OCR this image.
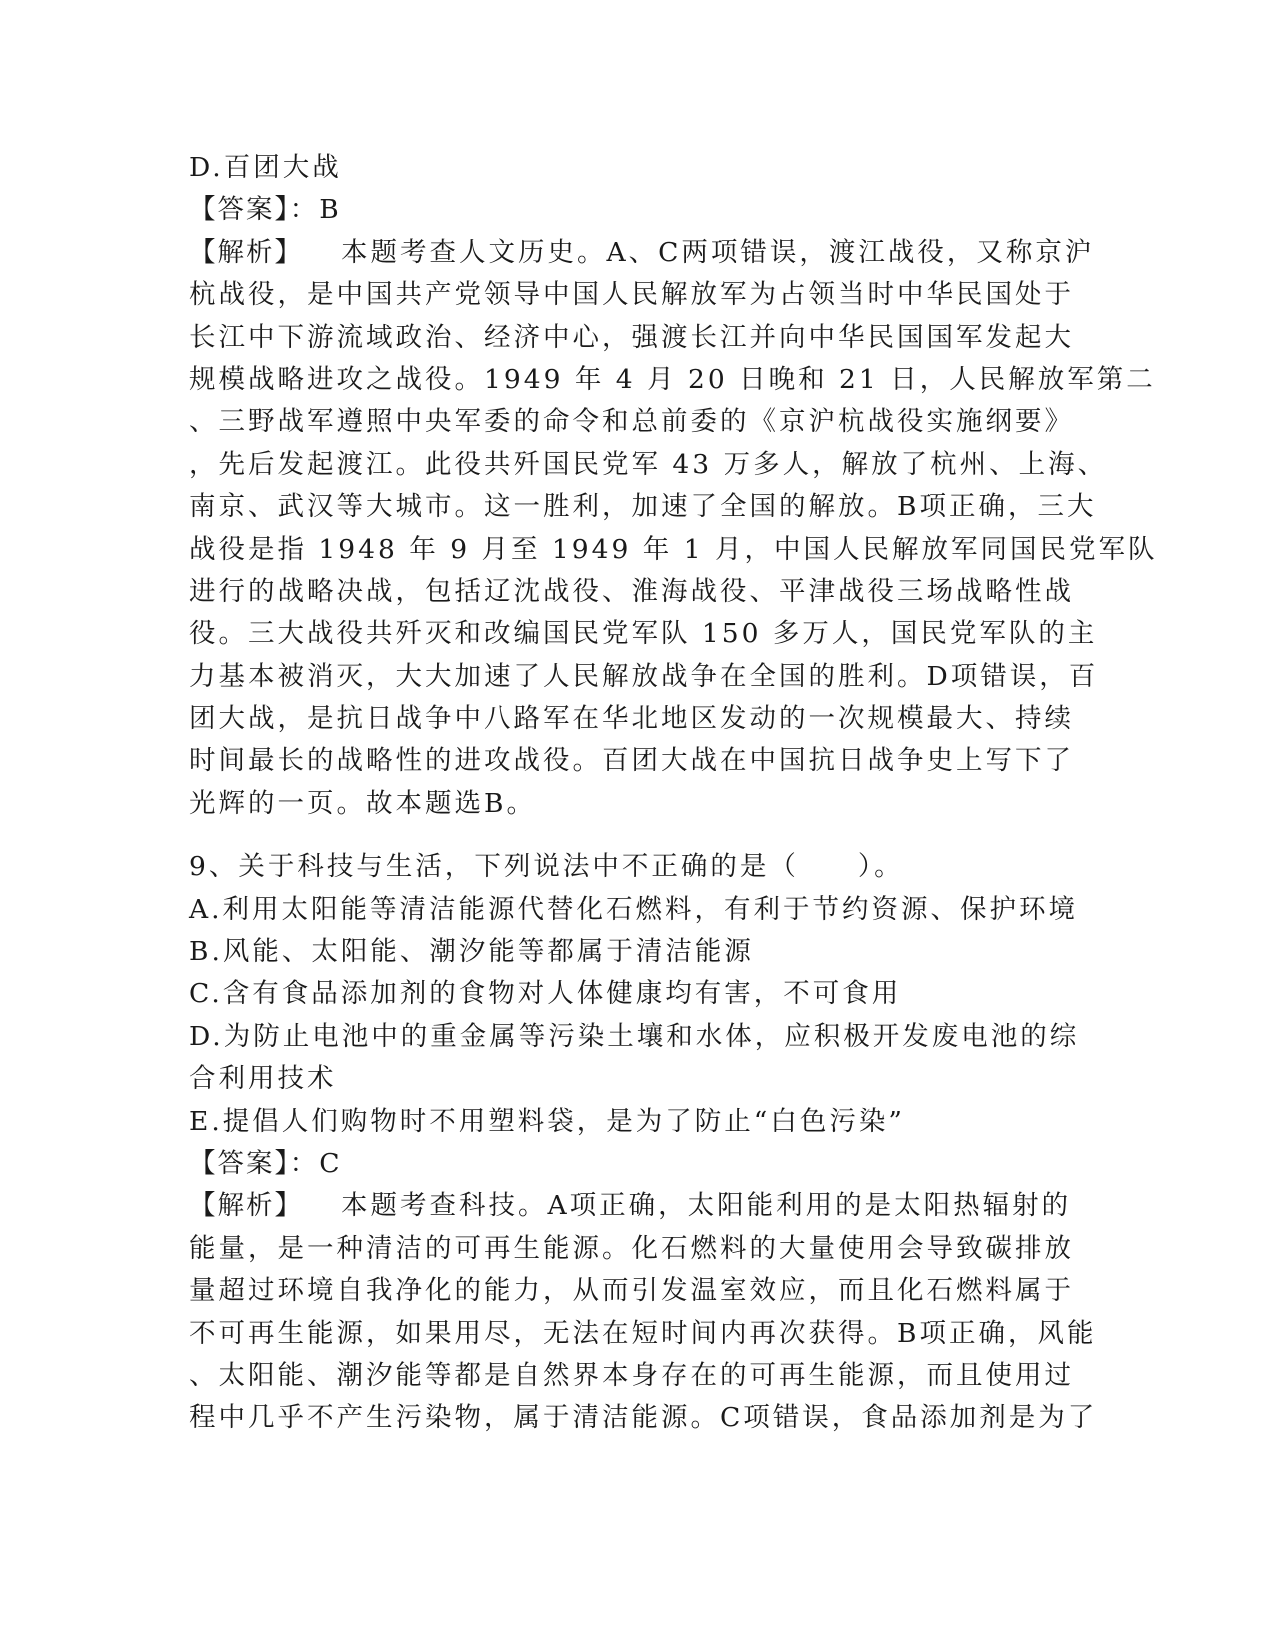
D.百团大战
【答案】：B
【解析】 本题考查人文历史。A、C两项错误，渡江战役，又称京沪
杭战役，是中国共产党领导中国人民解放军为占领当时中华民国处于
长江中下游流域政治、经济中心，强渡长江并向中华民国国军发起大
规模战略进攻之战役。1949 年 4 月 20 日晚和 21 日，人民解放军第二
、三野战军遵照中央军委的命令和总前委的《京沪杭战役实施纲要》
，先后发起渡江。此役共歼国民党军 43 万多人，解放了杭州、上海、
南京、武汉等大城市。这一胜利，加速了全国的解放。B项正确，三大
战役是指 1948 年 9 月至 1949 年 1 月，中国人民解放军同国民党军队
进行的战略决战，包括辽沈战役、淮海战役、平津战役三场战略性战
役。三大战役共歼灭和改编国民党军队 150 多万人，国民党军队的主
力基本被消灭，大大加速了人民解放战争在全国的胜利。D项错误，百
团大战，是抗日战争中八路军在华北地区发动的一次规模最大、持续
时间最长的战略性的进攻战役。百团大战在中国抗日战争史上写下了
光辉的一页。故本题选B。
9、关于科技与生活，下列说法中不正确的是（　　）。
A.利用太阳能等清洁能源代替化石燃料，有利于节约资源、保护环境
B.风能、太阳能、潮汐能等都属于清洁能源
C.含有食品添加剂的食物对人体健康均有害，不可食用
D.为防止电池中的重金属等污染土壤和水体，应积极开发废电池的综
合利用技术
E.提倡人们购物时不用塑料袋，是为了防止“白色污染”
【答案】：C
【解析】 本题考查科技。A项正确，太阳能利用的是太阳热辐射的
能量，是一种清洁的可再生能源。化石燃料的大量使用会导致碳排放
量超过环境自我净化的能力，从而引发温室效应，而且化石燃料属于
不可再生能源，如果用尽，无法在短时间内再次获得。B项正确，风能
、太阳能、潮汐能等都是自然界本身存在的可再生能源，而且使用过
程中几乎不产生污染物，属于清洁能源。C项错误，食品添加剂是为了
